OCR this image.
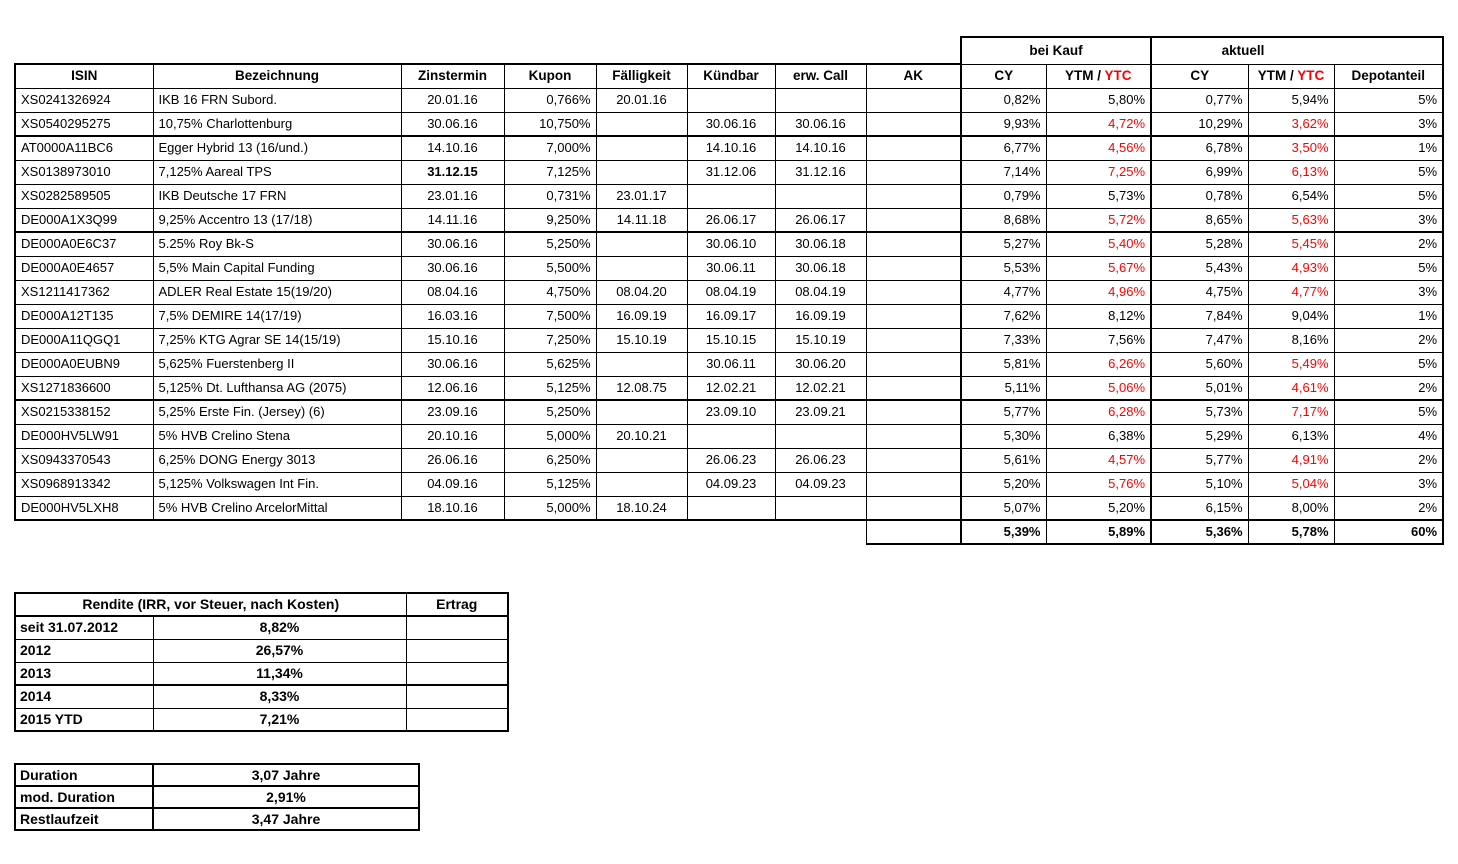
								bei Kauf		aktuell		
ISIN	Bezeichnung	Zinstermin	Kupon	Fälligkeit	Kündbar	erw. Call	AK	CY	YTM / YTC	CY	YTM / YTC	Depotanteil
XS0241326924	IKB 16 FRN Subord.	20.01.16	0,766%	20.01.16				0,82%	5,80%	0,77%	5,94%	5%
XS0540295275	10,75% Charlottenburg	30.06.16	10,750%		30.06.16	30.06.16		9,93%	4,72%	10,29%	3,62%	3%
AT0000A11BC6	Egger Hybrid 13 (16/und.)	14.10.16	7,000%		14.10.16	14.10.16		6,77%	4,56%	6,78%	3,50%	1%
XS0138973010	7,125% Aareal TPS	31.12.15	7,125%		31.12.06	31.12.16		7,14%	7,25%	6,99%	6,13%	5%
XS0282589505	IKB Deutsche 17 FRN	23.01.16	0,731%	23.01.17				0,79%	5,73%	0,78%	6,54%	5%
DE000A1X3Q99	9,25% Accentro 13 (17/18)	14.11.16	9,250%	14.11.18	26.06.17	26.06.17		8,68%	5,72%	8,65%	5,63%	3%
DE000A0E6C37	5.25% Roy Bk-S	30.06.16	5,250%		30.06.10	30.06.18		5,27%	5,40%	5,28%	5,45%	2%
DE000A0E4657	5,5% Main Capital Funding	30.06.16	5,500%		30.06.11	30.06.18		5,53%	5,67%	5,43%	4,93%	5%
XS1211417362	ADLER Real Estate 15(19/20)	08.04.16	4,750%	08.04.20	08.04.19	08.04.19		4,77%	4,96%	4,75%	4,77%	3%
DE000A12T135	7,5% DEMIRE 14(17/19)	16.03.16	7,500%	16.09.19	16.09.17	16.09.19		7,62%	8,12%	7,84%	9,04%	1%
DE000A11QGQ1	7,25% KTG Agrar SE 14(15/19)	15.10.16	7,250%	15.10.19	15.10.15	15.10.19		7,33%	7,56%	7,47%	8,16%	2%
DE000A0EUBN9	5,625% Fuerstenberg II	30.06.16	5,625%		30.06.11	30.06.20		5,81%	6,26%	5,60%	5,49%	5%
XS1271836600	5,125% Dt. Lufthansa AG (2075)	12.06.16	5,125%	12.08.75	12.02.21	12.02.21		5,11%	5,06%	5,01%	4,61%	2%
XS0215338152	5,25% Erste Fin. (Jersey) (6)	23.09.16	5,250%		23.09.10	23.09.21		5,77%	6,28%	5,73%	7,17%	5%
DE000HV5LW91	5% HVB Crelino Stena	20.10.16	5,000%	20.10.21				5,30%	6,38%	5,29%	6,13%	4%
XS0943370543	6,25% DONG Energy 3013	26.06.16	6,250%		26.06.23	26.06.23		5,61%	4,57%	5,77%	4,91%	2%
XS0968913342	5,125% Volkswagen Int Fin.	04.09.16	5,125%		04.09.23	04.09.23		5,20%	5,76%	5,10%	5,04%	3%
DE000HV5LXH8	5% HVB Crelino ArcelorMittal	18.10.16	5,000%	18.10.24				5,07%	5,20%	6,15%	8,00%	2%
								5,39%	5,89%	5,36%	5,78%	60%
Rendite (IRR, vor Steuer, nach Kosten)		Ertrag
seit 31.07.2012	8,82%	
2012	26,57%	
2013	11,34%	
2014	8,33%	
2015 YTD	7,21%	
Duration	3,07 Jahre
mod. Duration	2,91%
Restlaufzeit	3,47 Jahre
